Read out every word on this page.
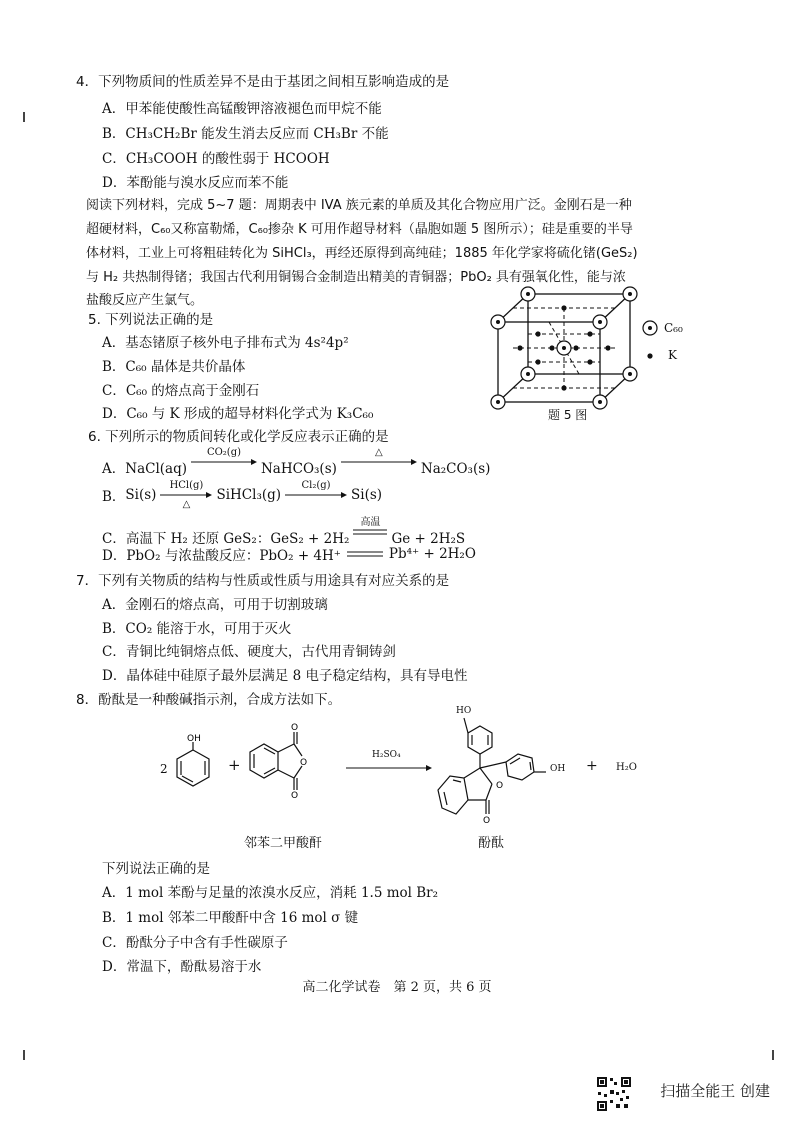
4．下列物质间的性质差异不是由于基团之间相互影响造成的是
A．甲苯能使酸性高锰酸钾溶液褪色而甲烷不能
B．CH₃CH₂Br 能发生消去反应而 CH₃Br 不能
C．CH₃COOH 的酸性弱于 HCOOH
D．苯酚能与溴水反应而苯不能
阅读下列材料，完成 5~7 题：周期表中 IVA 族元素的单质及其化合物应用广泛。金刚石是一种
超硬材料，C₆₀又称富勒烯，C₆₀掺杂 K 可用作超导材料（晶胞如题 5 图所示）；硅是重要的半导
体材料，工业上可将粗硅转化为 SiHCl₃，再经还原得到高纯硅；1885 年化学家将硫化锗(GeS₂)
与 H₂ 共热制得锗；我国古代利用铜锡合金制造出精美的青铜器；PbO₂ 具有强氧化性，能与浓
盐酸反应产生氯气。
5. 下列说法正确的是
A．基态锗原子核外电子排布式为 4s²4p²
B．C₆₀ 晶体是共价晶体
C．C₆₀ 的熔点高于金刚石
D．C₆₀ 与 K 形成的超导材料化学式为 K₃C₆₀
C₆₀
K
题 5 图
6. 下列所示的物质间转化或化学反应表示正确的是
A． NaCl(aq)
CO₂(g)

NaHCO₃(s)
△

Na₂CO₃(s)
B． Si(s)
HCl(g)
△
SiHCl₃(g)
Cl₂(g)

Si(s)
C．高温下 H₂ 还原 GeS₂：GeS₂ + 2H₂
高温

Ge + 2H₂S
D．PbO₂ 与浓盐酸反应：PbO₂ + 4H⁺	Pb⁴⁺ + 2H₂O
7．下列有关物质的结构与性质或性质与用途具有对应关系的是
A．金刚石的熔点高，可用于切割玻璃
B．CO₂ 能溶于水，可用于灭火
C．青铜比纯铜熔点低、硬度大，古代用青铜铸剑
D．晶体硅中硅原子最外层满足 8 电子稳定结构，具有导电性
8．酚酞是一种酸碱指示剂，合成方法如下。
2
OH
+
O
O
O
H₂SO₄
O
O
HO
OH + H₂O
邻苯二甲酸酐	酚酞
下列说法正确的是
A．1 mol 苯酚与足量的浓溴水反应，消耗 1.5 mol Br₂
B．1 mol 邻苯二甲酸酐中含 16 mol σ 键
C．酚酞分子中含有手性碳原子
D．常温下，酚酞易溶于水
高二化学试卷　第 2 页，共 6 页
扫描全能王 创建
